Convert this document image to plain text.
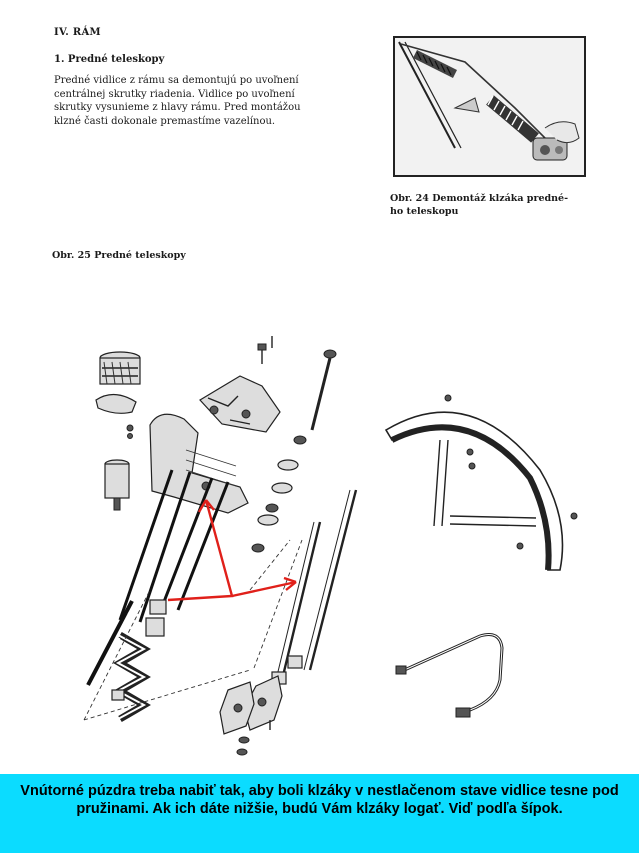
IV. RÁM
1. Predné teleskopy
Predné vidlice z rámu sa demontujú po uvoľnení
centrálnej skrutky riadenia. Vidlice po uvoľnení
skrutky vysunieme z hlavy rámu. Pred montážou
klzné časti dokonale premastíme vazelínou.
Obr. 24 Demontáž klzáka predné-
ho teleskopu
Obr. 25 Predné teleskopy
Vnútorné púzdra treba nabiť tak, aby boli klzáky v nestlačenom stave vidlice tesne pod pružinami. Ak ich dáte nižšie, budú Vám klzáky logať. Viď podľa šípok.
